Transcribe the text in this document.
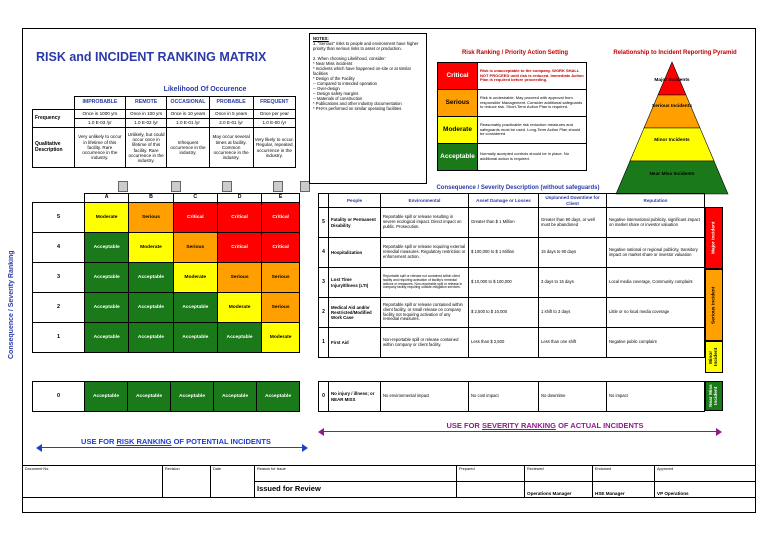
RISK and INCIDENT RANKING MATRIX
Likelihood Of Occurence
	IMPROBABLE	REMOTE	OCCASIONAL	PROBABLE	FREQUENT
Frequency	Once in 1000 yrs	Once in 100 yrs	Once in 10 years	Once in 5 years	Once per year
	1.0 E-03 /yr	1.0 E-02 /yr	1.0 E-01 /yr	2.0 E-01 /yr	1.0 E-00 /yr
Qualitative Description	Very unlikely to occur in lifetime of this facility. Rare occurrence in the industry.	Unlikely, but could occur once in lifetime of this facility. Rare occurrence in the industry.	Infrequent occurrence in the industry.	May occur several times at facility. Common occurrence in the industry.	Very likely to occur. Regular, repeated occurrence in the industry.
NOTES:
1. "Serious" risks to people and environment have higher priority than serious risks to asset or production.

2. When choosing Likelihood, consider:
* Near Miss incidents
* Incidents which have happened on-site or at similar facilities
* Design of the Facility
-- Compared to intended operation
-- Over-design
-- Design safety margins
-- Materials of construction
* Publications and other industry documentation
* PHA's performed on similar operating facilities
Risk Ranking / Priority Action Setting
Critical	Risk is unacceptable to the company. WORK SHALL NOT PROCEED until risk is reduced. Immediate Action Plan is required before proceeding.
Serious	Risk is undesirable. May proceed with approval from responsible Management. Consider additional safeguards to reduce risk. Short-Term Action Plan is required.
Moderate	Reasonably practicable risk reduction measures and safeguards must be used. Long-Term Action Plan should be considered.
Acceptable	Normally accepted controls should be in place. No additional action is required.
Relationship to Incident Reporting Pyramid
Major Incidents
Serious Incidents
Minor Incidents
Near Miss Incidents
Consequence / Severity Ranking
	A	B	C	D	E
5	Moderate	Serious	Critical	Critical	Critical
4	Acceptable	Moderate	Serious	Critical	Critical
3	Acceptable	Acceptable	Moderate	Serious	Serious
2	Acceptable	Acceptable	Acceptable	Moderate	Serious
1	Acceptable	Acceptable	Acceptable	Acceptable	Moderate
0	Acceptable	Acceptable	Acceptable	Acceptable	Acceptable
Consequence / Severity Description (without safeguards)
	People	Environmental	Asset Damage or Losses	Unplanned Downtime for Client	Reputation
5	Fatality or Permanent Disability	Reportable spill or release resulting in severe ecological impact. Direct impact on public. Prosecution.	Greater than $ 1 Million	Greater than 90 days, or well must be abandoned	Negative international publicity, significant impact on market share or investor valuation
4	Hospitalization	Reportable spill or release requiring external remedial measures. Regulatory restriction or enforcement action.	$ 100,000 to $ 1 Million	15 days to 90 days	Negative national or regional publicity, transitory impact on market share or investor valuation
3	Lost Time Injury/Illness (LTI)	Reportable spill or release not contained within client facility and requiring activation of facility's remedial actions or measures. Non-reportable spill or release in company facility requiring outside mitigation services.	$ 10,000 to $ 100,000	3 days to 15 days	Local media coverage, Community complaint
2	Medical Aid and/or Restricted/Modified Work Case	Reportable spill or release contained within client facility, or small release on company facility not requiring activation of any remedial measures.	$ 2,500 to $ 10,000	1 shift to 3 days	Little or no local media coverage
1	First Aid	Non-reportable spill or release contained within company or client facility.	Less than $ 2,500	Less than one shift	Negative public complaint
0	No injury / illness; or NEAR MISS	No environmental impact	No cost impact	No downtime	No impact
Major Incident
Serious Incident
Minor Incident
Near Miss Incident
USE FOR SEVERITY RANKING OF ACTUAL INCIDENTS
USE FOR RISK RANKING OF POTENTIAL INCIDENTS
Document No.	Revision	Date	Reason for Issue	Prepared	Reviewed	Endorsed	Approved
			Issued for Review		Operations Manager	HSE Manager	VP Operations
